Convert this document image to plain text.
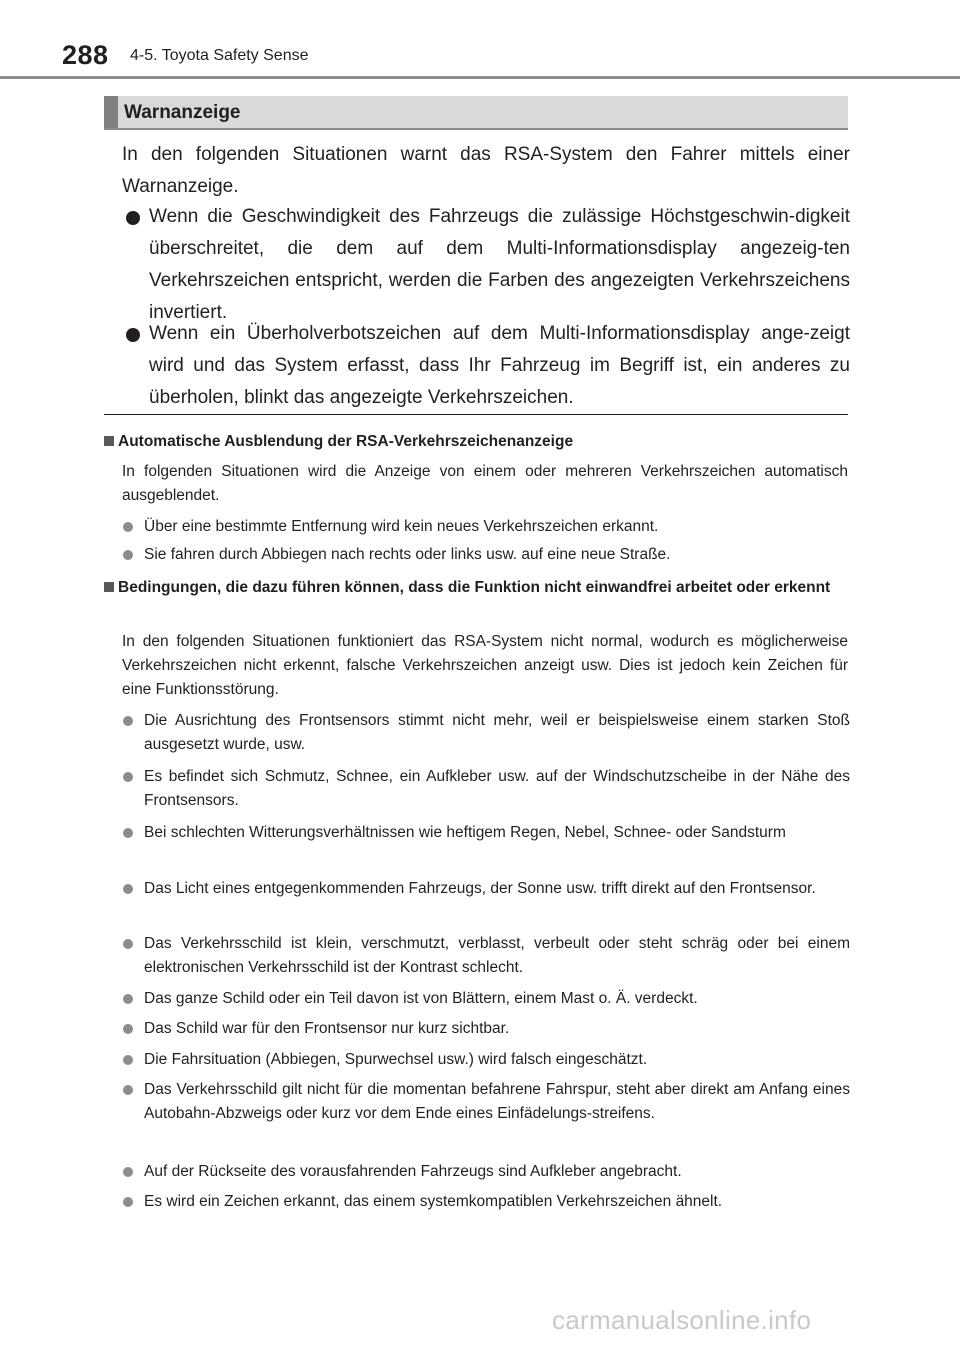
288 4-5. Toyota Safety Sense
Warnanzeige

In den folgenden Situationen warnt das RSA-System den Fahrer mittels einer Warnanzeige.

Wenn die Geschwindigkeit des Fahrzeugs die zulässige Höchstgeschwin-digkeit überschreitet, die dem auf dem Multi-Informationsdisplay angezeig-ten Verkehrszeichen entspricht, werden die Farben des angezeigten Verkehrszeichens invertiert.

Wenn ein Überholverbotszeichen auf dem Multi-Informationsdisplay ange-zeigt wird und das System erfasst, dass Ihr Fahrzeug im Begriff ist, ein anderes zu überholen, blinkt das angezeigte Verkehrszeichen.

Automatische Ausblendung der RSA-Verkehrszeichenanzeige

In folgenden Situationen wird die Anzeige von einem oder mehreren Verkehrszeichen automatisch ausgeblendet.

Über eine bestimmte Entfernung wird kein neues Verkehrszeichen erkannt.

Sie fahren durch Abbiegen nach rechts oder links usw. auf eine neue Straße.

Bedingungen, die dazu führen können, dass die Funktion nicht einwandfrei arbeitet oder erkennt

In den folgenden Situationen funktioniert das RSA-System nicht normal, wodurch es möglicherweise Verkehrszeichen nicht erkennt, falsche Verkehrszeichen anzeigt usw. Dies ist jedoch kein Zeichen für eine Funktionsstörung.

Die Ausrichtung des Frontsensors stimmt nicht mehr, weil er beispielsweise einem starken Stoß ausgesetzt wurde, usw.

Es befindet sich Schmutz, Schnee, ein Aufkleber usw. auf der Windschutzscheibe in der Nähe des Frontsensors.

Bei schlechten Witterungsverhältnissen wie heftigem Regen, Nebel, Schnee- oder Sandsturm

Das Licht eines entgegenkommenden Fahrzeugs, der Sonne usw. trifft direkt auf den Frontsensor.

Das Verkehrsschild ist klein, verschmutzt, verblasst, verbeult oder steht schräg oder bei einem elektronischen Verkehrsschild ist der Kontrast schlecht.

Das ganze Schild oder ein Teil davon ist von Blättern, einem Mast o. Ä. verdeckt.

Das Schild war für den Frontsensor nur kurz sichtbar.

Die Fahrsituation (Abbiegen, Spurwechsel usw.) wird falsch eingeschätzt.

Das Verkehrsschild gilt nicht für die momentan befahrene Fahrspur, steht aber direkt am Anfang eines Autobahn-Abzweigs oder kurz vor dem Ende eines Einfädelungs-streifens.

Auf der Rückseite des vorausfahrenden Fahrzeugs sind Aufkleber angebracht.

Es wird ein Zeichen erkannt, das einem systemkompatiblen Verkehrszeichen ähnelt.

carmanualsonline.info
